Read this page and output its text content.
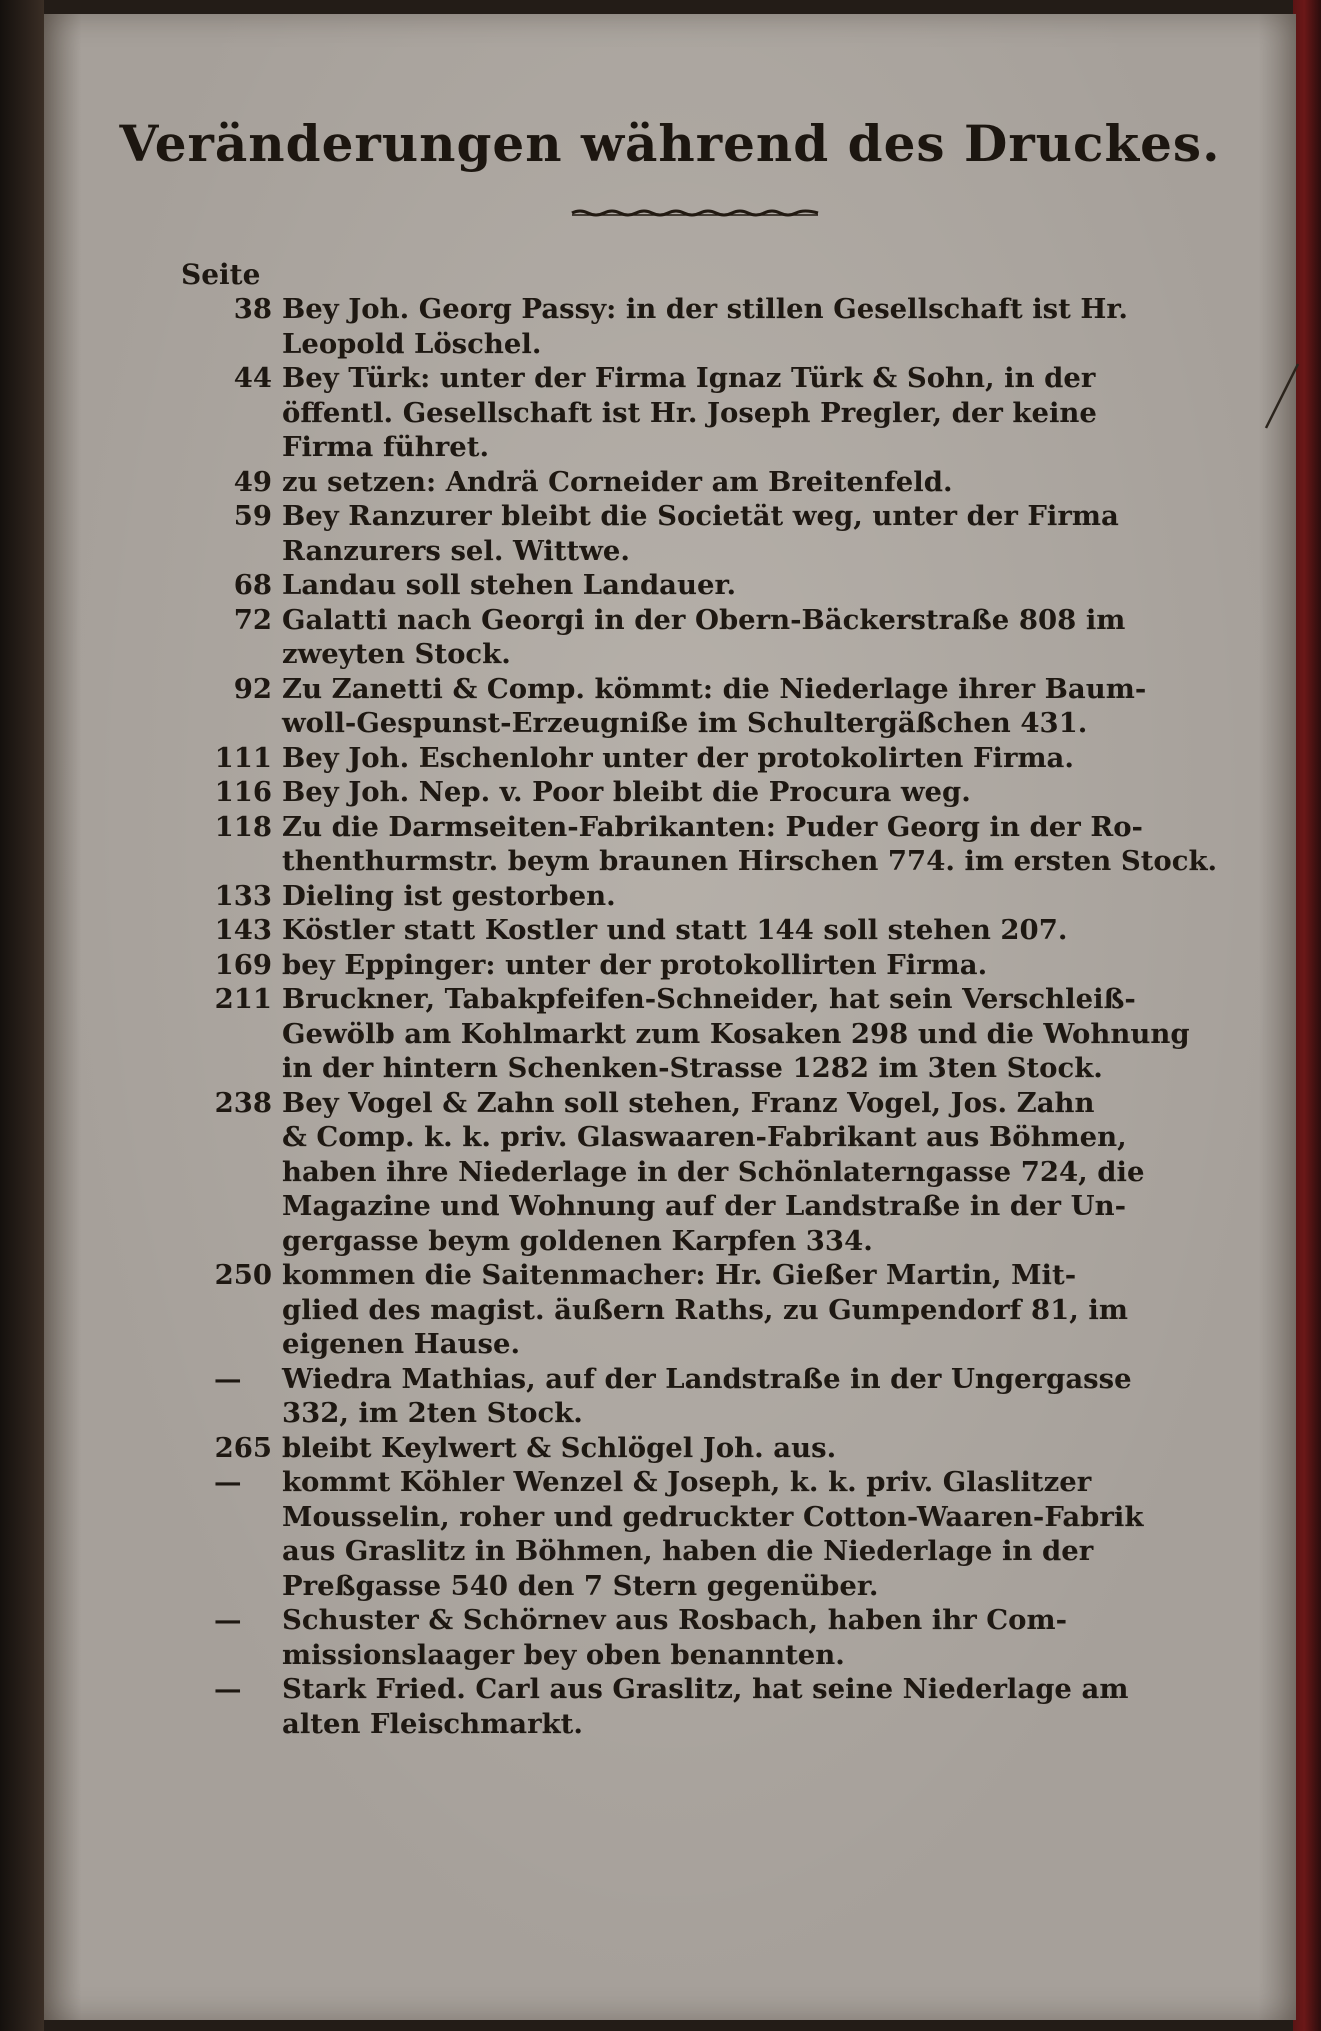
Veränderungen während des Druckes.
Seite
38 Bey Joh. Georg Passy: in der stillen Gesellschaft ist Hr.
Leopold Löschel.
44 Bey Türk: unter der Firma Ignaz Türk & Sohn, in der
öffentl. Gesellschaft ist Hr. Joseph Pregler, der keine
Firma führet.
49 zu setzen: Andrä Corneider am Breitenfeld.
59 Bey Ranzurer bleibt die Societät weg, unter der Firma
Ranzurers sel. Wittwe.
68 Landau soll stehen Landauer.
72 Galatti nach Georgi in der Obern-Bäckerstraße 808 im
zweyten Stock.
92 Zu Zanetti & Comp. kömmt: die Niederlage ihrer Baum-
woll-Gespunst-Erzeugniße im Schultergäßchen 431.
111 Bey Joh. Eschenlohr unter der protokolirten Firma.
116 Bey Joh. Nep. v. Poor bleibt die Procura weg.
118 Zu die Darmseiten-Fabrikanten: Puder Georg in der Ro-
thenthurmstr. beym braunen Hirschen 774. im ersten Stock.
133 Dieling ist gestorben.
143 Köstler statt Kostler und statt 144 soll stehen 207.
169 bey Eppinger: unter der protokollirten Firma.
211 Bruckner, Tabakpfeifen-Schneider, hat sein Verschleiß-
Gewölb am Kohlmarkt zum Kosaken 298 und die Wohnung
in der hintern Schenken-Strasse 1282 im 3ten Stock.
238 Bey Vogel & Zahn soll stehen, Franz Vogel, Jos. Zahn
& Comp. k. k. priv. Glaswaaren-Fabrikant aus Böhmen,
haben ihre Niederlage in der Schönlaterngasse 724, die
Magazine und Wohnung auf der Landstraße in der Un-
gergasse beym goldenen Karpfen 334.
250 kommen die Saitenmacher: Hr. Gießer Martin, Mit-
glied des magist. äußern Raths, zu Gumpendorf 81, im
eigenen Hause.
— Wiedra Mathias, auf der Landstraße in der Ungergasse
332, im 2ten Stock.
265 bleibt Keylwert & Schlögel Joh. aus.
— kommt Köhler Wenzel & Joseph, k. k. priv. Glaslitzer
Mousselin, roher und gedruckter Cotton-Waaren-Fabrik
aus Graslitz in Böhmen, haben die Niederlage in der
Preßgasse 540 den 7 Stern gegenüber.
— Schuster & Schörnev aus Rosbach, haben ihr Com-
missionslaager bey oben benannten.
— Stark Fried. Carl aus Graslitz, hat seine Niederlage am
alten Fleischmarkt.
